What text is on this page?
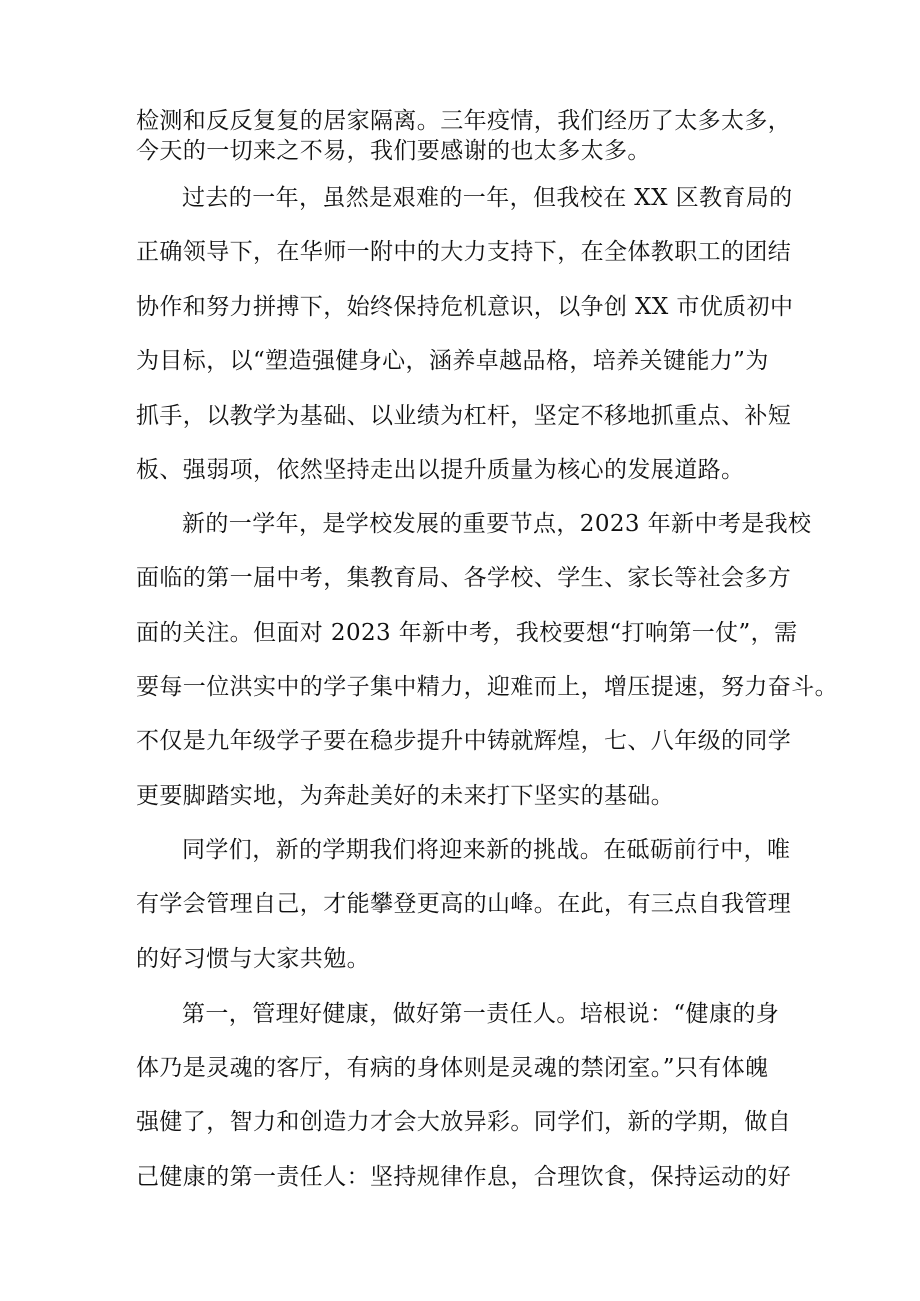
检测和反反复复的居家隔离。三年疫情，我们经历了太多太多，
今天的一切来之不易，我们要感谢的也太多太多。
过去的一年，虽然是艰难的一年，但我校在 XX 区教育局的
正确领导下，在华师一附中的大力支持下，在全体教职工的团结
协作和努力拼搏下，始终保持危机意识，以争创 XX 市优质初中
为目标，以“塑造强健身心，涵养卓越品格，培养关键能力”为
抓手，以教学为基础、以业绩为杠杆，坚定不移地抓重点、补短
板、强弱项，依然坚持走出以提升质量为核心的发展道路。
新的一学年，是学校发展的重要节点，2023 年新中考是我校
面临的第一届中考，集教育局、各学校、学生、家长等社会多方
面的关注。但面对 2023 年新中考，我校要想“打响第一仗”，需
要每一位洪实中的学子集中精力，迎难而上，增压提速，努力奋斗。
不仅是九年级学子要在稳步提升中铸就辉煌，七、八年级的同学
更要脚踏实地，为奔赴美好的未来打下坚实的基础。
同学们，新的学期我们将迎来新的挑战。在砥砺前行中，唯
有学会管理自己，才能攀登更高的山峰。在此，有三点自我管理
的好习惯与大家共勉。
第一，管理好健康，做好第一责任人。培根说：“健康的身
体乃是灵魂的客厅，有病的身体则是灵魂的禁闭室。”只有体魄
强健了，智力和创造力才会大放异彩。同学们，新的学期，做自
己健康的第一责任人：坚持规律作息，合理饮食，保持运动的好
